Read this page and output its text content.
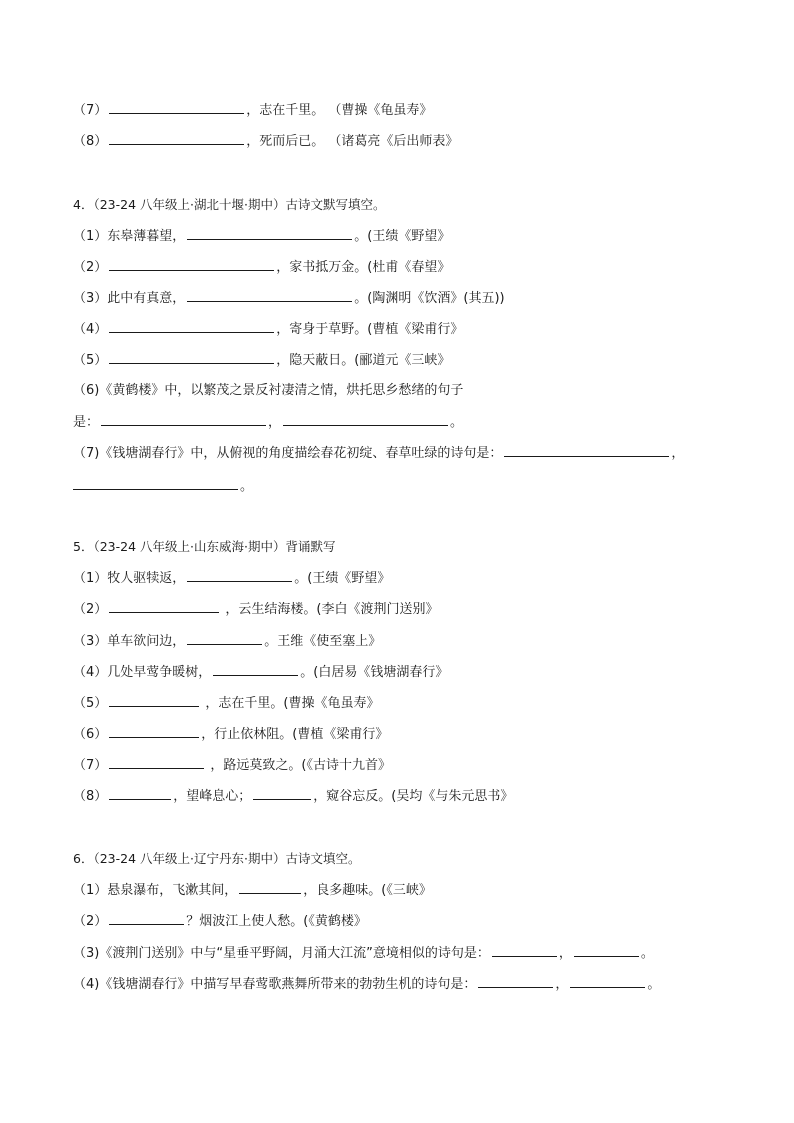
（7）	，志在千里。 （曹操《龟虽寿》
（8）	，死而后已。 （诸葛亮《后出师表》
4．（23-24 八年级上·湖北十堰·期中）古诗文默写填空。
（1）东皋薄暮望，	。(王绩《野望》
（2）	，家书抵万金。(杜甫《春望》
（3）此中有真意，	。(陶渊明《饮酒》(其五))
（4）	，寄身于草野。(曹植《梁甫行》
（5）	，隐天蔽日。(郦道元《三峡》
（6)《黄鹤楼》中，以繁茂之景反衬凄清之情，烘托思乡愁绪的句子
是：	，	。
（7)《钱塘湖春行》中，从俯视的角度描绘春花初绽、春草吐绿的诗句是：	，
。
5．（23-24 八年级上·山东威海·期中）背诵默写
（1）牧人驱犊返，	。(王绩《野望》
（2）	，云生结海楼。(李白《渡荆门送别》
（3）单车欲问边，	。王维《使至塞上》
（4）几处早莺争暖树，	。(白居易《钱塘湖春行》
（5）	，志在千里。(曹操《龟虽寿》
（6）	，行止依林阻。(曹植《梁甫行》
（7）	，路远莫致之。(《古诗十九首》
（8）	，望峰息心；	，窥谷忘反。(吴均《与朱元思书》
6．（23-24 八年级上·辽宁丹东·期中）古诗文填空。
（1）悬泉瀑布，飞漱其间，	，良多趣味。(《三峡》
（2）	？烟波江上使人愁。(《黄鹤楼》
（3)《渡荆门送别》中与“星垂平野阔，月涌大江流”意境相似的诗句是：	，	。
（4)《钱塘湖春行》中描写早春莺歌燕舞所带来的勃勃生机的诗句是：	，	。
